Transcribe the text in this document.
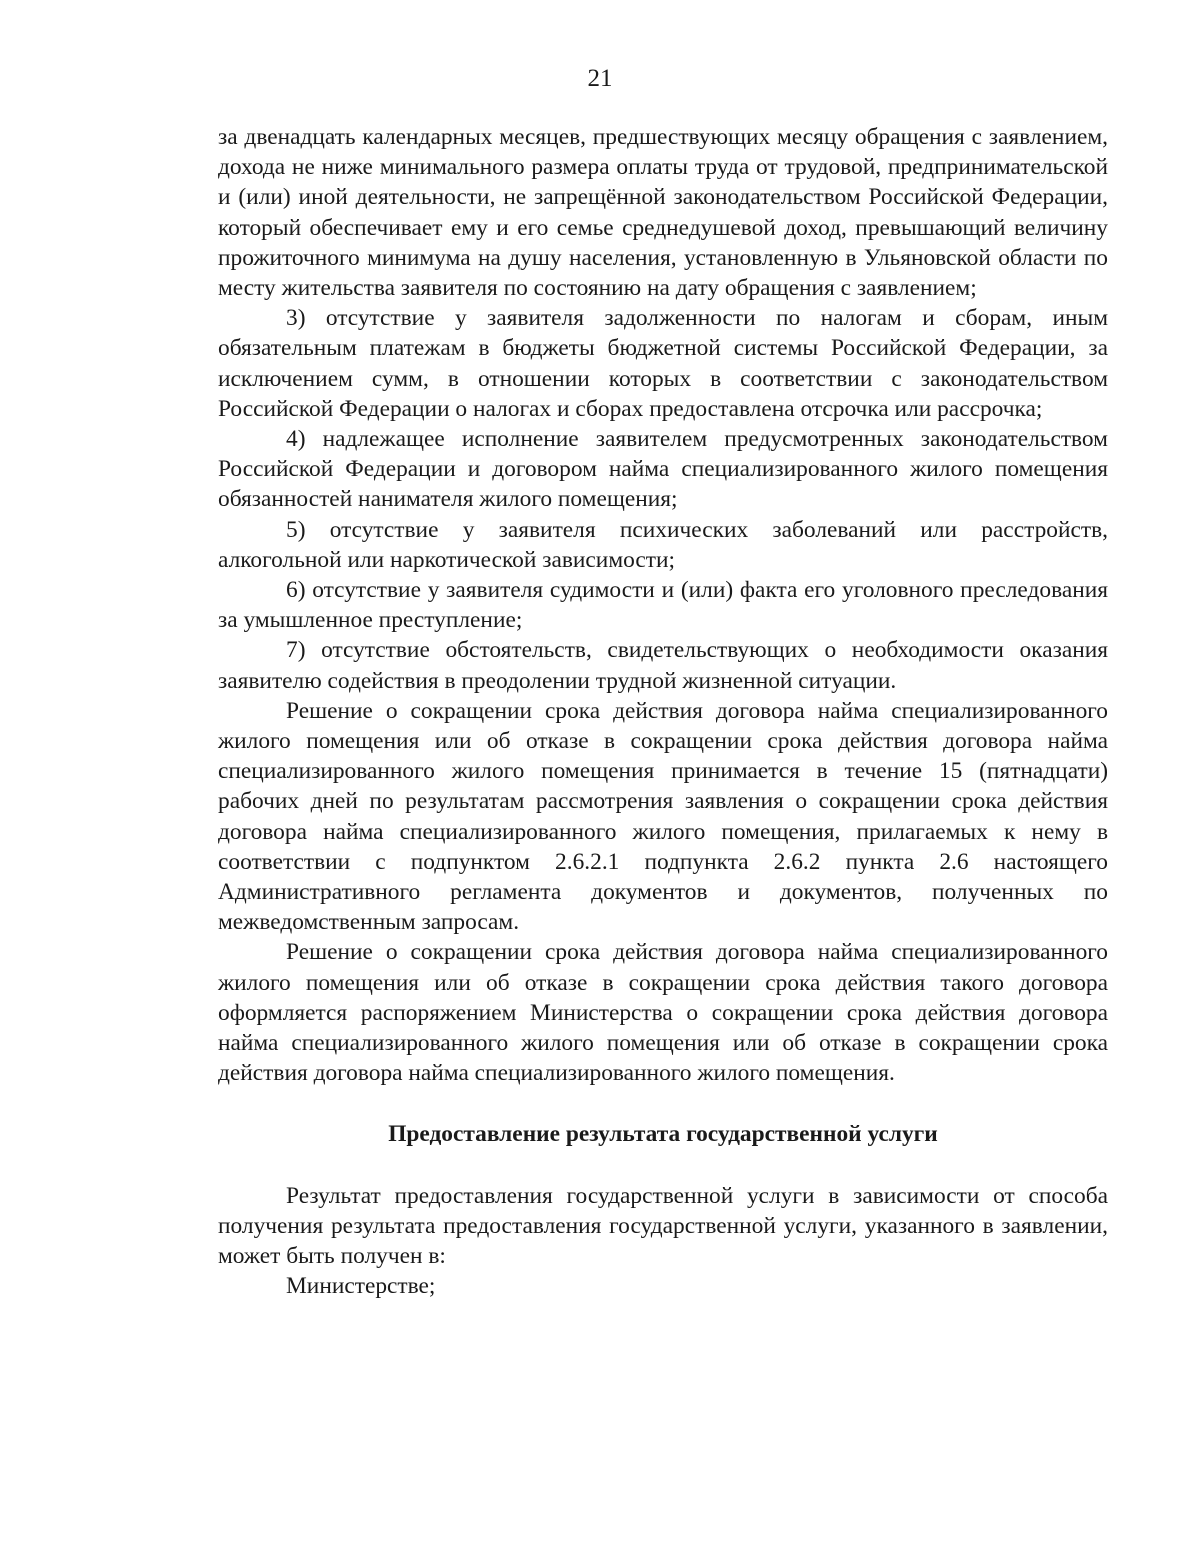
21

за двенадцать календарных месяцев, предшествующих месяцу обращения с заявлением, дохода не ниже минимального размера оплаты труда от трудовой, предпринимательской и (или) иной деятельности, не запрещённой законодательством Российской Федерации, который обеспечивает ему и его семье среднедушевой доход, превышающий величину прожиточного минимума на душу населения, установленную в Ульяновской области по месту жительства заявителя по состоянию на дату обращения с заявлением;

3) отсутствие у заявителя задолженности по налогам и сборам, иным обязательным платежам в бюджеты бюджетной системы Российской Федерации, за исключением сумм, в отношении которых в соответствии с законодательством Российской Федерации о налогах и сборах предоставлена отсрочка или рассрочка;

4) надлежащее исполнение заявителем предусмотренных законодательством Российской Федерации и договором найма специализированного жилого помещения обязанностей нанимателя жилого помещения;

5) отсутствие у заявителя психических заболеваний или расстройств, алкогольной или наркотической зависимости;

6) отсутствие у заявителя судимости и (или) факта его уголовного преследования за умышленное преступление;

7) отсутствие обстоятельств, свидетельствующих о необходимости оказания заявителю содействия в преодолении трудной жизненной ситуации.

Решение о сокращении срока действия договора найма специализированного жилого помещения или об отказе в сокращении срока действия договора найма специализированного жилого помещения принимается в течение 15 (пятнадцати) рабочих дней по результатам рассмотрения заявления о сокращении срока действия договора найма специализированного жилого помещения, прилагаемых к нему в соответствии с подпунктом 2.6.2.1 подпункта 2.6.2 пункта 2.6 настоящего Административного регламента документов и документов, полученных по межведомственным запросам.

Решение о сокращении срока действия договора найма специализированного жилого помещения или об отказе в сокращении срока действия такого договора оформляется распоряжением Министерства о сокращении срока действия договора найма специализированного жилого помещения или об отказе в сокращении срока действия договора найма специализированного жилого помещения.

Предоставление результата государственной услуги

Результат предоставления государственной услуги в зависимости от способа получения результата предоставления государственной услуги, указанного в заявлении, может быть получен в:

Министерстве;
